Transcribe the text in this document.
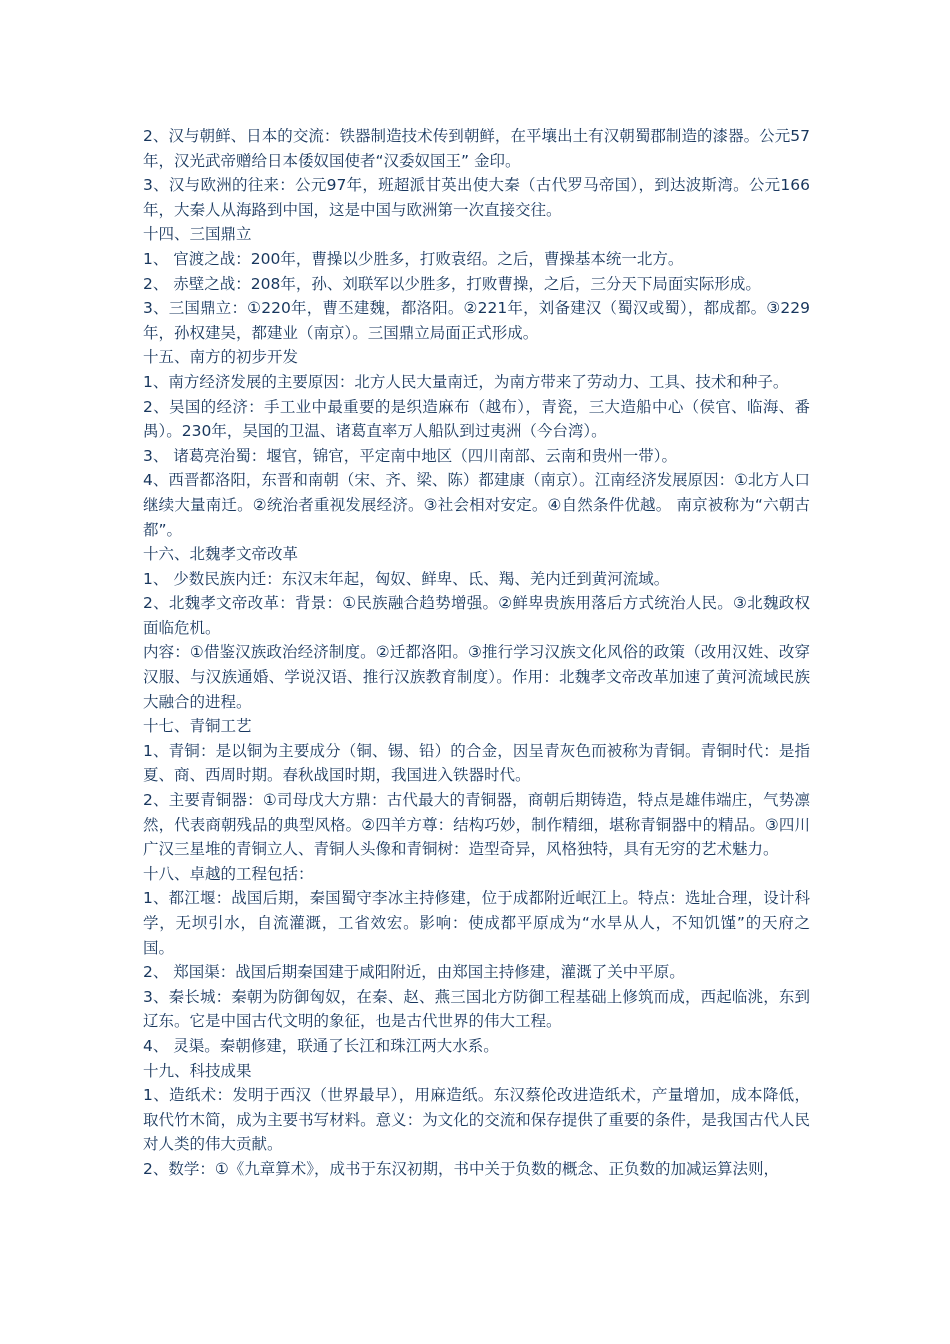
2、汉与朝鲜、日本的交流：铁器制造技术传到朝鲜，在平壤出土有汉朝蜀郡制造的漆器。公元57年，汉光武帝赠给日本倭奴国使者“汉委奴国王” 金印。

3、汉与欧洲的往来：公元97年，班超派甘英出使大秦（古代罗马帝国），到达波斯湾。公元166年，大秦人从海路到中国，这是中国与欧洲第一次直接交往。

十四、三国鼎立

1、 官渡之战：200年，曹操以少胜多，打败袁绍。之后，曹操基本统一北方。

2、 赤壁之战：208年，孙、刘联军以少胜多，打败曹操，之后，三分天下局面实际形成。

3、三国鼎立：①220年，曹丕建魏，都洛阳。②221年，刘备建汉（蜀汉或蜀），都成都。③229年，孙权建吴，都建业（南京）。三国鼎立局面正式形成。

十五、南方的初步开发

1、南方经济发展的主要原因：北方人民大量南迁，为南方带来了劳动力、工具、技术和种子。

2、吴国的经济：手工业中最重要的是织造麻布（越布），青瓷，三大造船中心（侯官、临海、番禺）。230年，吴国的卫温、诸葛直率万人船队到过夷洲（今台湾）。

3、 诸葛亮治蜀：堰官，锦官，平定南中地区（四川南部、云南和贵州一带）。

4、西晋都洛阳，东晋和南朝（宋、齐、梁、陈）都建康（南京）。江南经济发展原因：①北方人口继续大量南迁。②统治者重视发展经济。③社会相对安定。④自然条件优越。 南京被称为“六朝古都”。

十六、北魏孝文帝改革

1、 少数民族内迁：东汉末年起，匈奴、鲜卑、氐、羯、羌内迁到黄河流域。

2、北魏孝文帝改革：背景：①民族融合趋势增强。②鲜卑贵族用落后方式统治人民。③北魏政权面临危机。

内容：①借鉴汉族政治经济制度。②迁都洛阳。③推行学习汉族文化风俗的政策（改用汉姓、改穿汉服、与汉族通婚、学说汉语、推行汉族教育制度）。作用：北魏孝文帝改革加速了黄河流域民族大融合的进程。

十七、青铜工艺

1、青铜：是以铜为主要成分（铜、锡、铅）的合金，因呈青灰色而被称为青铜。青铜时代：是指夏、商、西周时期。春秋战国时期，我国进入铁器时代。

2、主要青铜器：①司母戊大方鼎：古代最大的青铜器，商朝后期铸造，特点是雄伟端庄，气势凛然，代表商朝残品的典型风格。②四羊方尊：结构巧妙，制作精细，堪称青铜器中的精品。③四川广汉三星堆的青铜立人、青铜人头像和青铜树：造型奇异，风格独特，具有无穷的艺术魅力。

十八、卓越的工程包括：

1、都江堰：战国后期，秦国蜀守李冰主持修建，位于成都附近岷江上。特点：选址合理，设计科学，无坝引水，自流灌溉，工省效宏。影响：使成都平原成为“水旱从人，不知饥馑”的天府之国。

2、 郑国渠：战国后期秦国建于咸阳附近，由郑国主持修建，灌溉了关中平原。

3、秦长城：秦朝为防御匈奴，在秦、赵、燕三国北方防御工程基础上修筑而成，西起临洮，东到辽东。它是中国古代文明的象征，也是古代世界的伟大工程。

4、 灵渠。秦朝修建，联通了长江和珠江两大水系。

十九、科技成果

1、造纸术：发明于西汉（世界最早），用麻造纸。东汉蔡伦改进造纸术，产量增加，成本降低，取代竹木简，成为主要书写材料。意义：为文化的交流和保存提供了重要的条件，是我国古代人民对人类的伟大贡献。

2、数学：①《九章算术》，成书于东汉初期，书中关于负数的概念、正负数的加减运算法则，
